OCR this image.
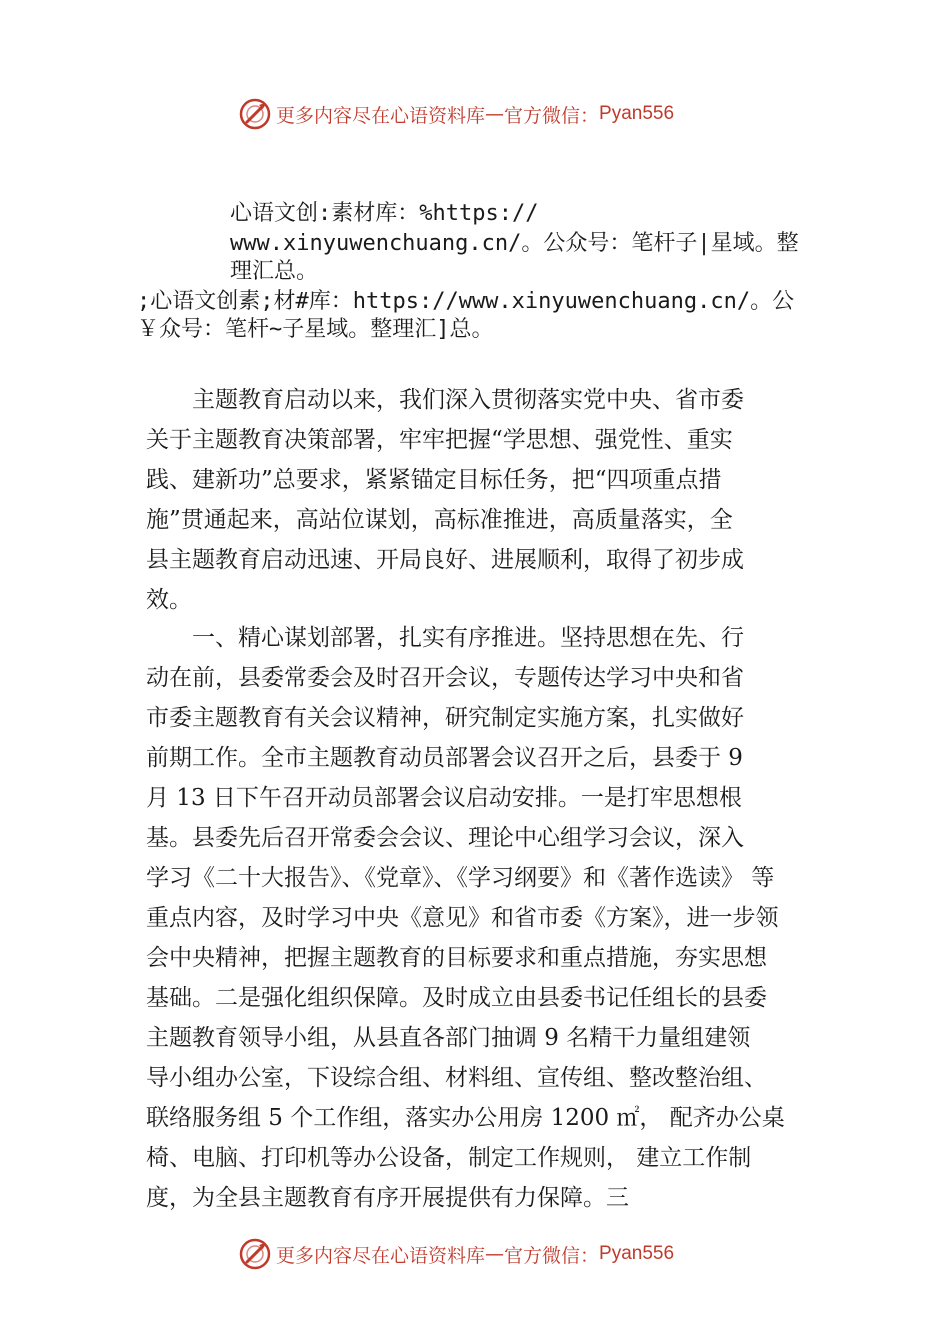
更多内容尽在心语资料库 — 官方微信： Pyan556
心语文创:素材库：%https://
www.xinyuwenchuang.cn/。公众号：笔杆子|星域。整
理汇总。
;心语文创素;材#库：https://www.xinyuwenchuang.cn/。公
￥众号：笔杆~子星域。整理汇]总。
　　主题教育启动以来，我们深入贯彻落实党中央、省市委
关于主题教育决策部署，牢牢把握“学思想、强党性、重实
践、建新功”总要求，紧紧锚定目标任务，把“四项重点措
施”贯通起来，高站位谋划，高标准推进，高质量落实，全
县主题教育启动迅速、开局良好、进展顺利，取得了初步成
效。
　　一、精心谋划部署，扎实有序推进。坚持思想在先、行
动在前，县委常委会及时召开会议，专题传达学习中央和省
市委主题教育有关会议精神，研究制定实施方案，扎实做好
前期工作。全市主题教育动员部署会议召开之后，县委于 9
月 13 日下午召开动员部署会议启动安排。一是打牢思想根
基。县委先后召开常委会会议、理论中心组学习会议，深入
学习《二十大报告》、《党章》、《学习纲要》和《著作选读》 等
重点内容，及时学习中央《意见》和省市委《方案》，进一步领
会中央精神，把握主题教育的目标要求和重点措施，夯实思想
基础。二是强化组织保障。及时成立由县委书记任组长的县委
主题教育领导小组，从县直各部门抽调 9 名精干力量组建领
导小组办公室，下设综合组、材料组、宣传组、整改整治组、
联络服务组 5 个工作组，落实办公用房 1200 ㎡， 配齐办公桌
椅、电脑、打印机等办公设备，制定工作规则， 建立工作制
度，为全县主题教育有序开展提供有力保障。三
更多内容尽在心语资料库 — 官方微信： Pyan556
